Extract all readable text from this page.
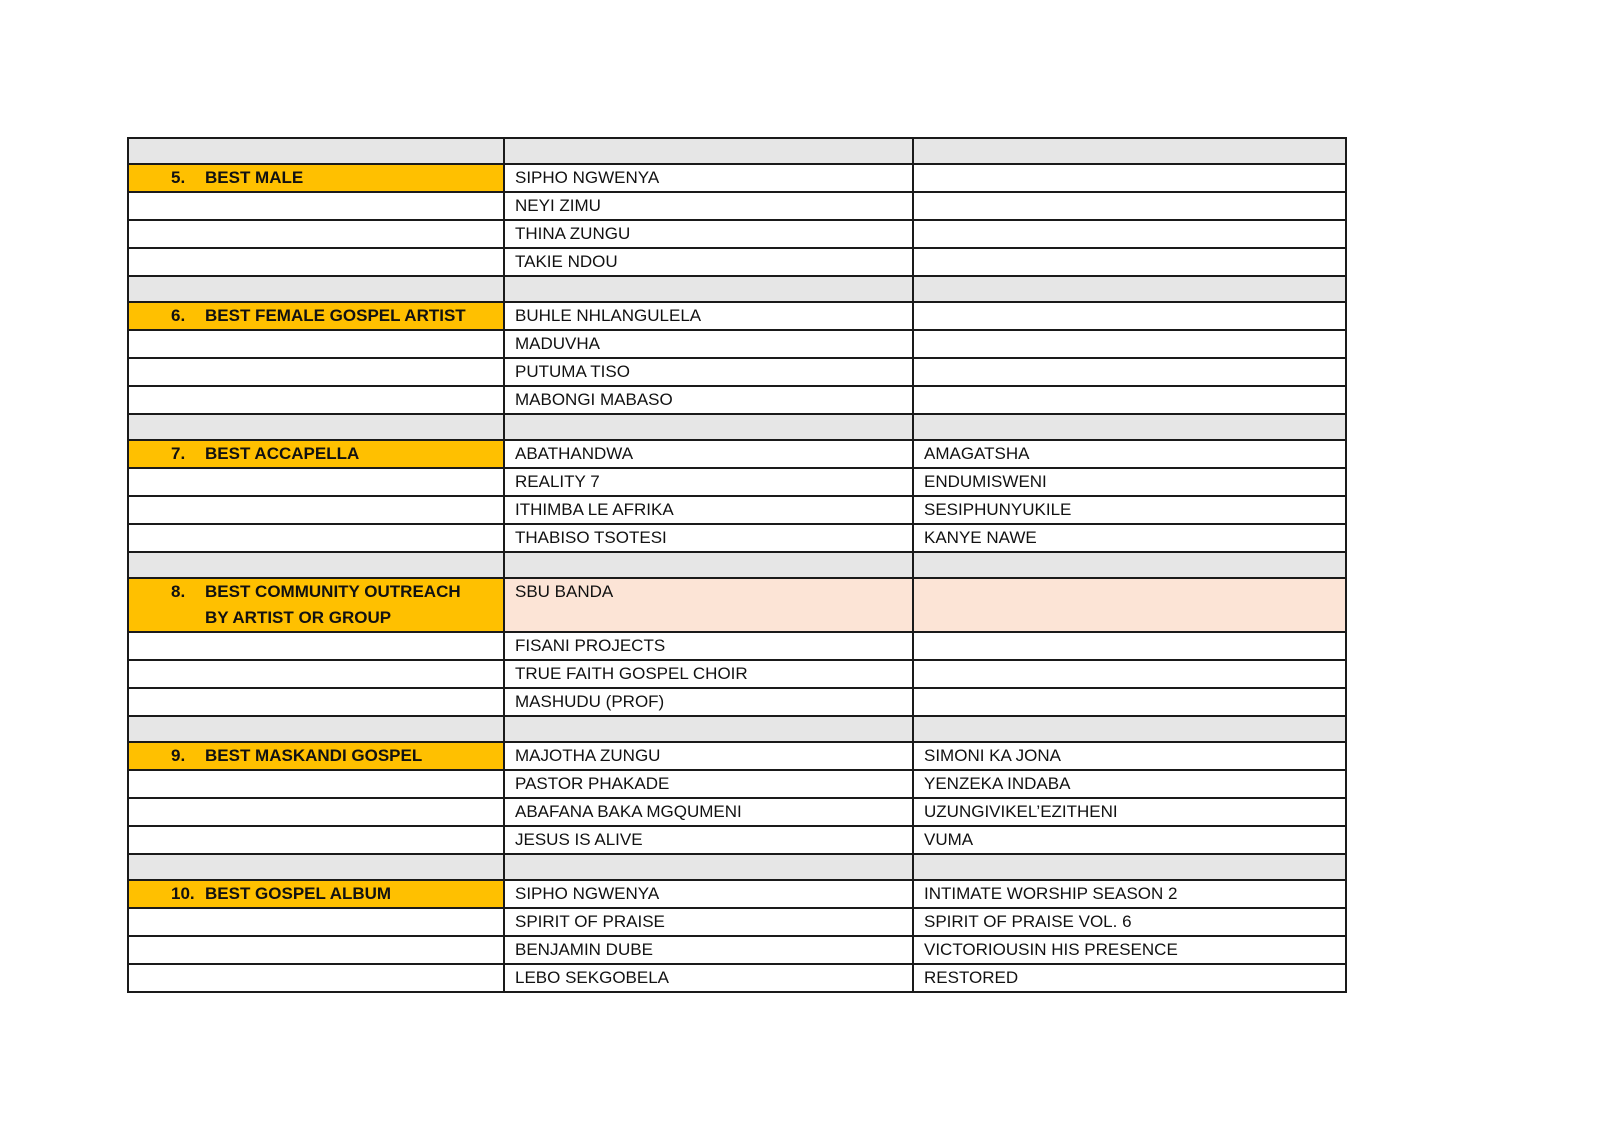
5. BEST MALE	SIPHO NGWENYA	
	NEYI ZIMU	
	THINA ZUNGU	
	TAKIE NDOU	

6. BEST FEMALE GOSPEL ARTIST	BUHLE NHLANGULELA	
	MADUVHA	
	PUTUMA TISO	
	MABONGI MABASO	

7. BEST ACCAPELLA	ABATHANDWA	AMAGATSHA
	REALITY 7	ENDUMISWENI
	ITHIMBA LE AFRIKA	SESIPHUNYUKILE
	THABISO TSOTESI	KANYE NAWE

8. BEST COMMUNITY OUTREACH
BY ARTIST OR GROUP	SBU BANDA	
	FISANI PROJECTS	
	TRUE FAITH GOSPEL CHOIR	
	MASHUDU (PROF)	

9. BEST MASKANDI GOSPEL	MAJOTHA ZUNGU	SIMONI KA JONA
	PASTOR PHAKADE	YENZEKA INDABA
	ABAFANA BAKA MGQUMENI	UZUNGIVIKEL’EZITHENI
	JESUS IS ALIVE	VUMA

10. BEST GOSPEL ALBUM	SIPHO NGWENYA	INTIMATE WORSHIP SEASON 2
	SPIRIT OF PRAISE	SPIRIT OF PRAISE VOL. 6
	BENJAMIN DUBE	VICTORIOUSIN HIS PRESENCE
	LEBO SEKGOBELA	RESTORED
